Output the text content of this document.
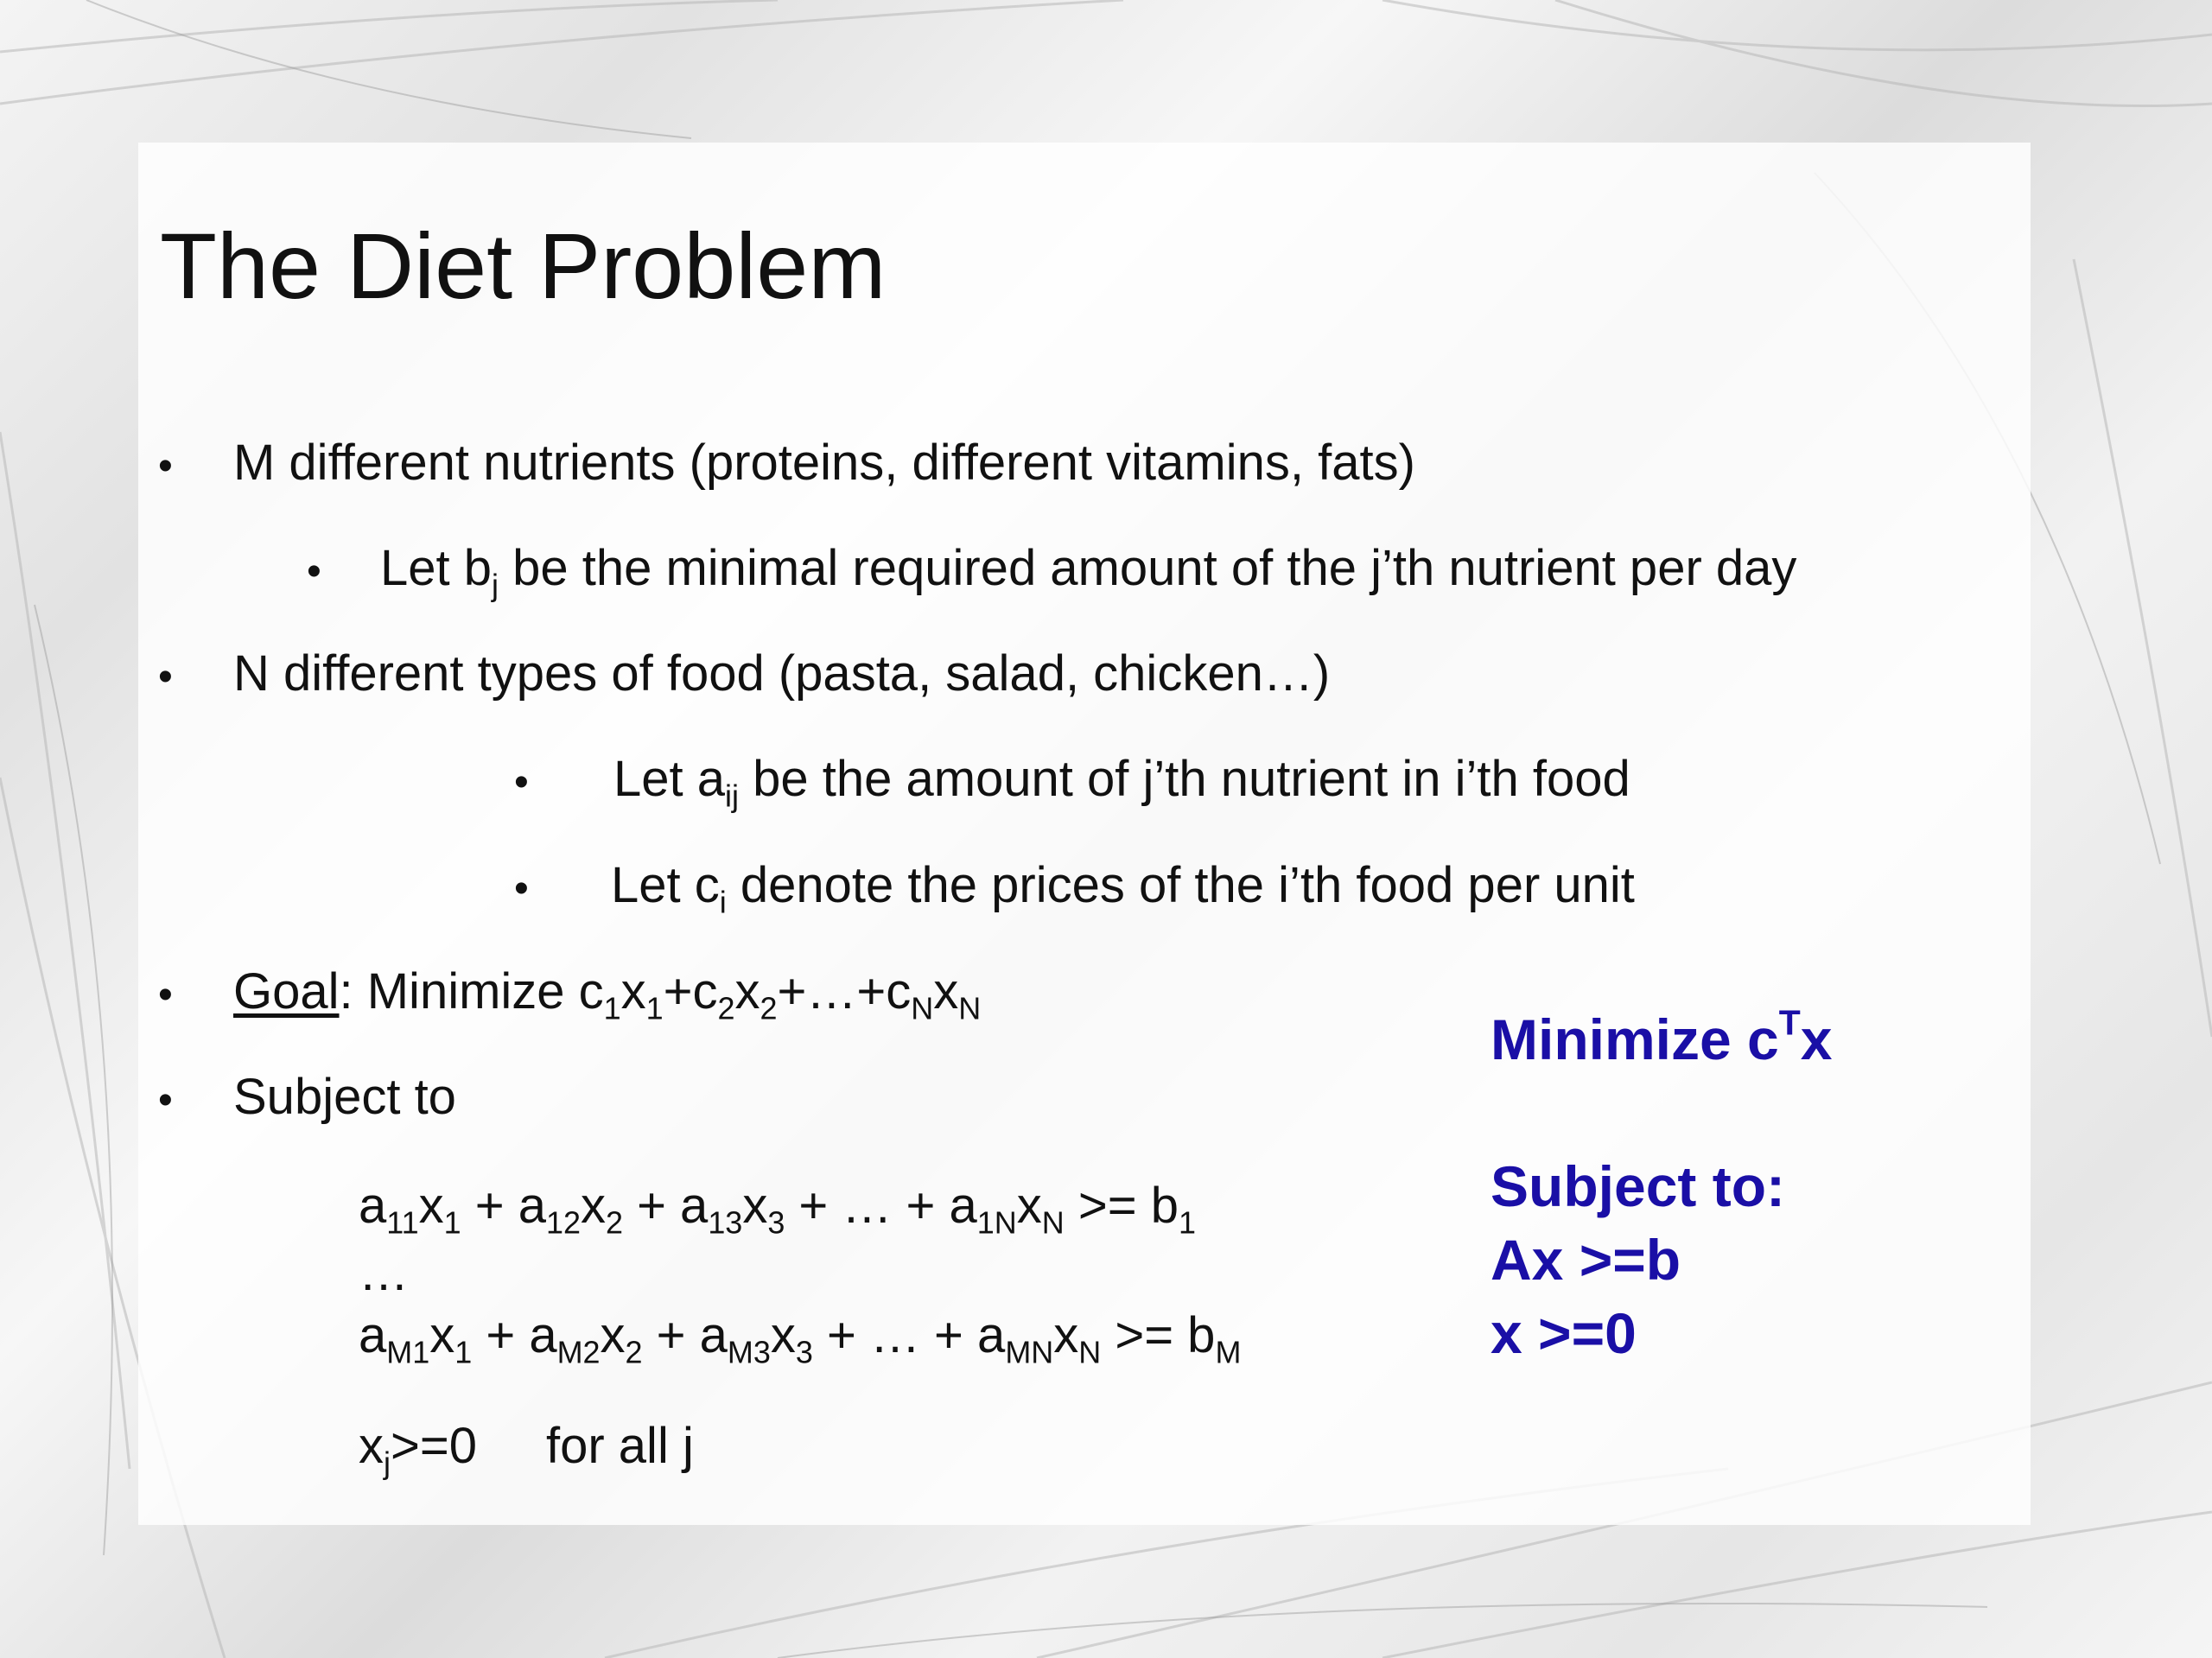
The Diet Problem
• M different nutrients (proteins, different vitamins, fats)
• Let $b_j$ be the minimal required amount of the j’th nutrient per day
• N different types of food (pasta, salad, chicken…)
• Let $a_{ij}$ be the amount of j’th nutrient in i’th food
• Let $c_i$ denote the prices of the i’th food per unit
• Goal: Minimize $c_1x_1+c_2x_2+\dots+c_Nx_N$
• Subject to
$a_{11}x_1 + a_{12}x_2 + a_{13}x_3$ + … + $a_{1N}x_N >= b_1$
…
$a_{M1}x_1 + a_{M2}x_2 + a_{M3}x_3$ + … + $a_{MN}x_N >= b_M$
$x_j>=0$ for all j
Minimize $c^Tx$
Subject to:
Ax >=b
x >=0
